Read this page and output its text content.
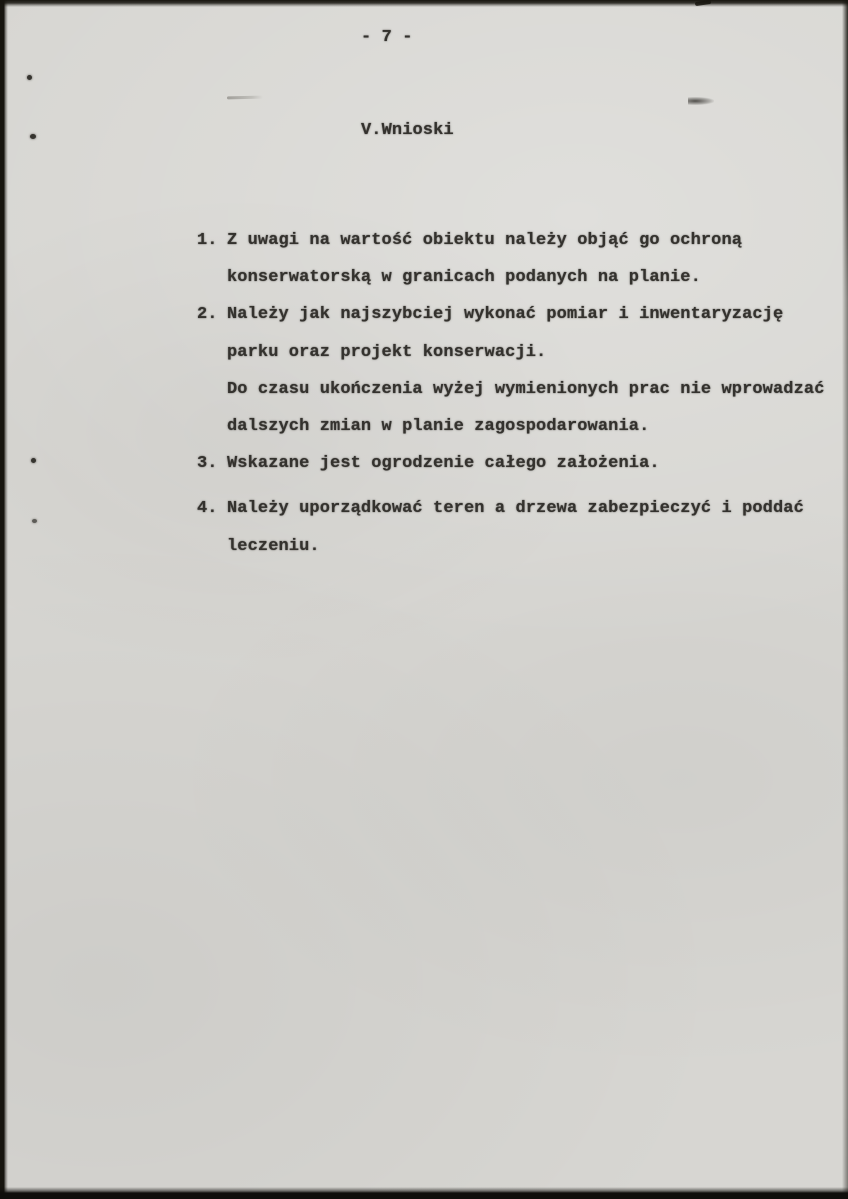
- 7 -
V.Wnioski
1. Z uwagi na wartość obiektu należy objąć go ochroną
konserwatorską w granicach podanych na planie.
2. Należy jak najszybciej wykonać pomiar i inwentaryzację
parku oraz projekt konserwacji.
Do czasu ukończenia wyżej wymienionych prac nie wprowadzać
dalszych zmian w planie zagospodarowania.
3. Wskazane jest ogrodzenie całego założenia.
4. Należy uporządkować teren a drzewa zabezpieczyć i poddać
leczeniu.
